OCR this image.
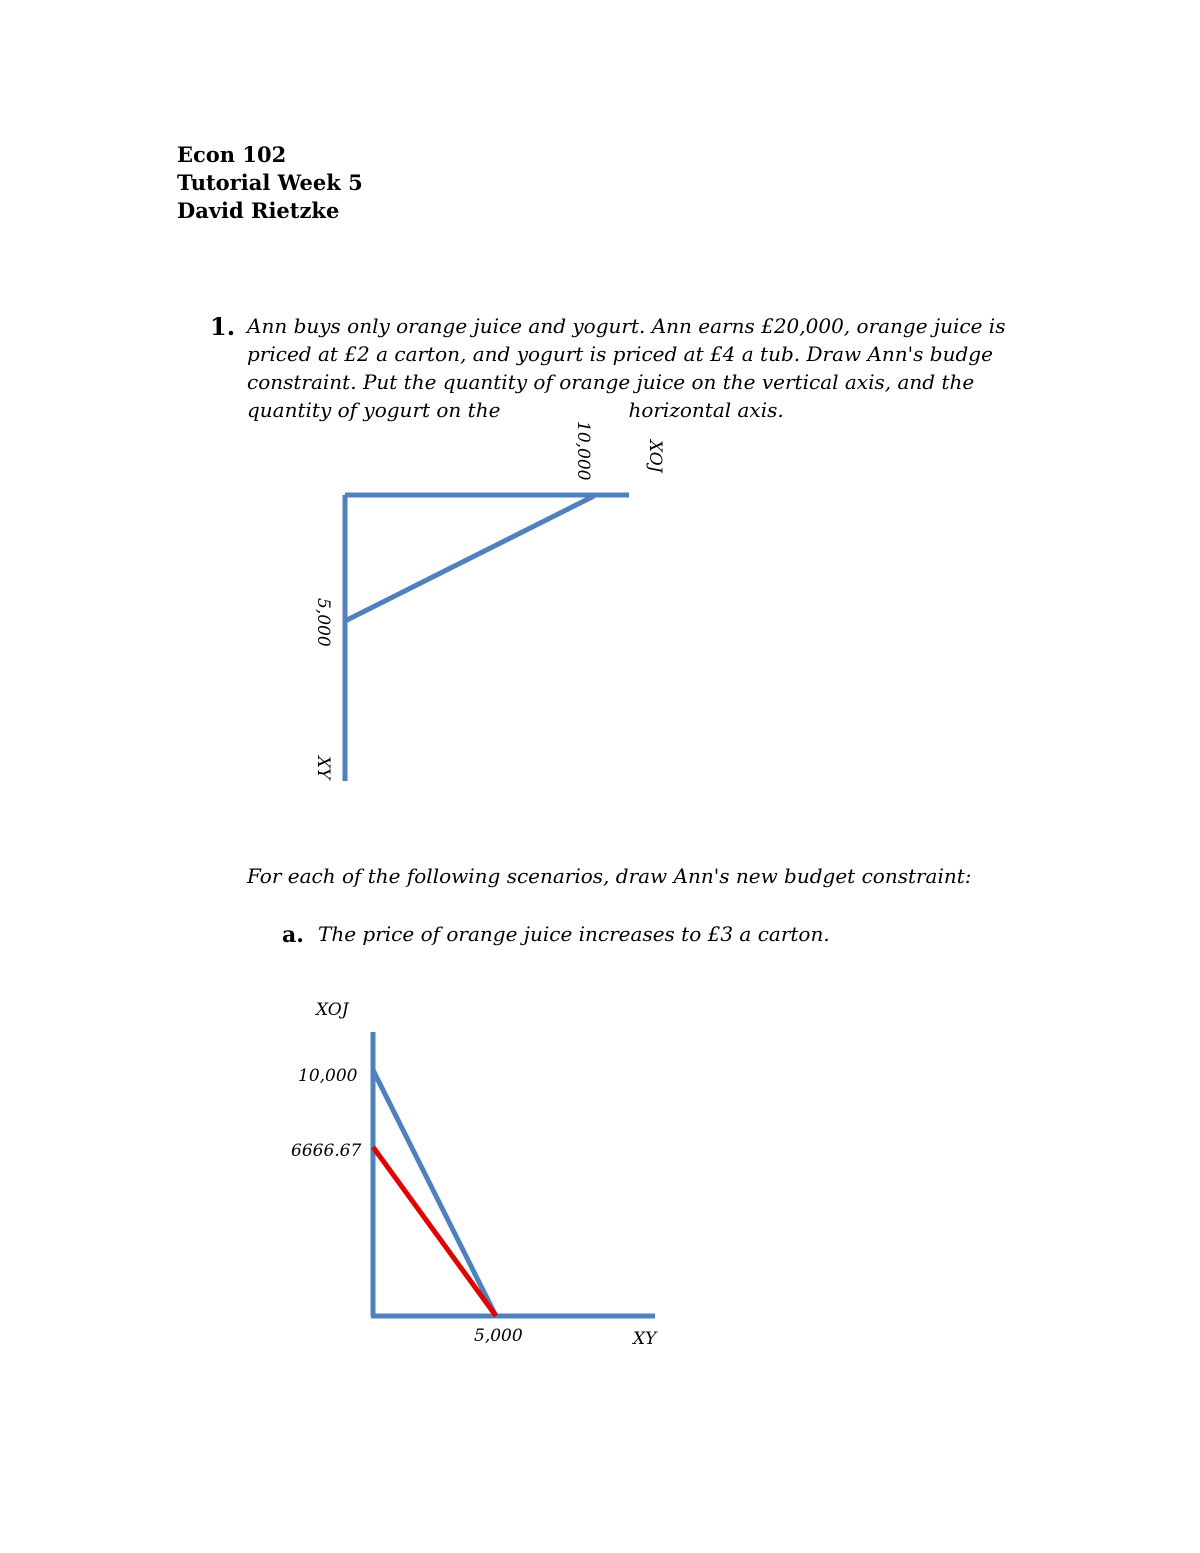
Econ 102
Tutorial Week 5
David Rietzke
1. Ann buys only orange juice and yogurt. Ann earns £20,000, orange juice is priced at £2 a carton, and yogurt is priced at £4 a tub. Draw Ann's budge constraint. Put the quantity of orange juice on the vertical axis, and the quantity of yogurt on the	horizontal axis.
10,000	XOJ
5,000
XY
For each of the following scenarios, draw Ann's new budget constraint:
a. The price of orange juice increases to £3 a carton.
XOJ
10,000
6666.67
5,000	XY
